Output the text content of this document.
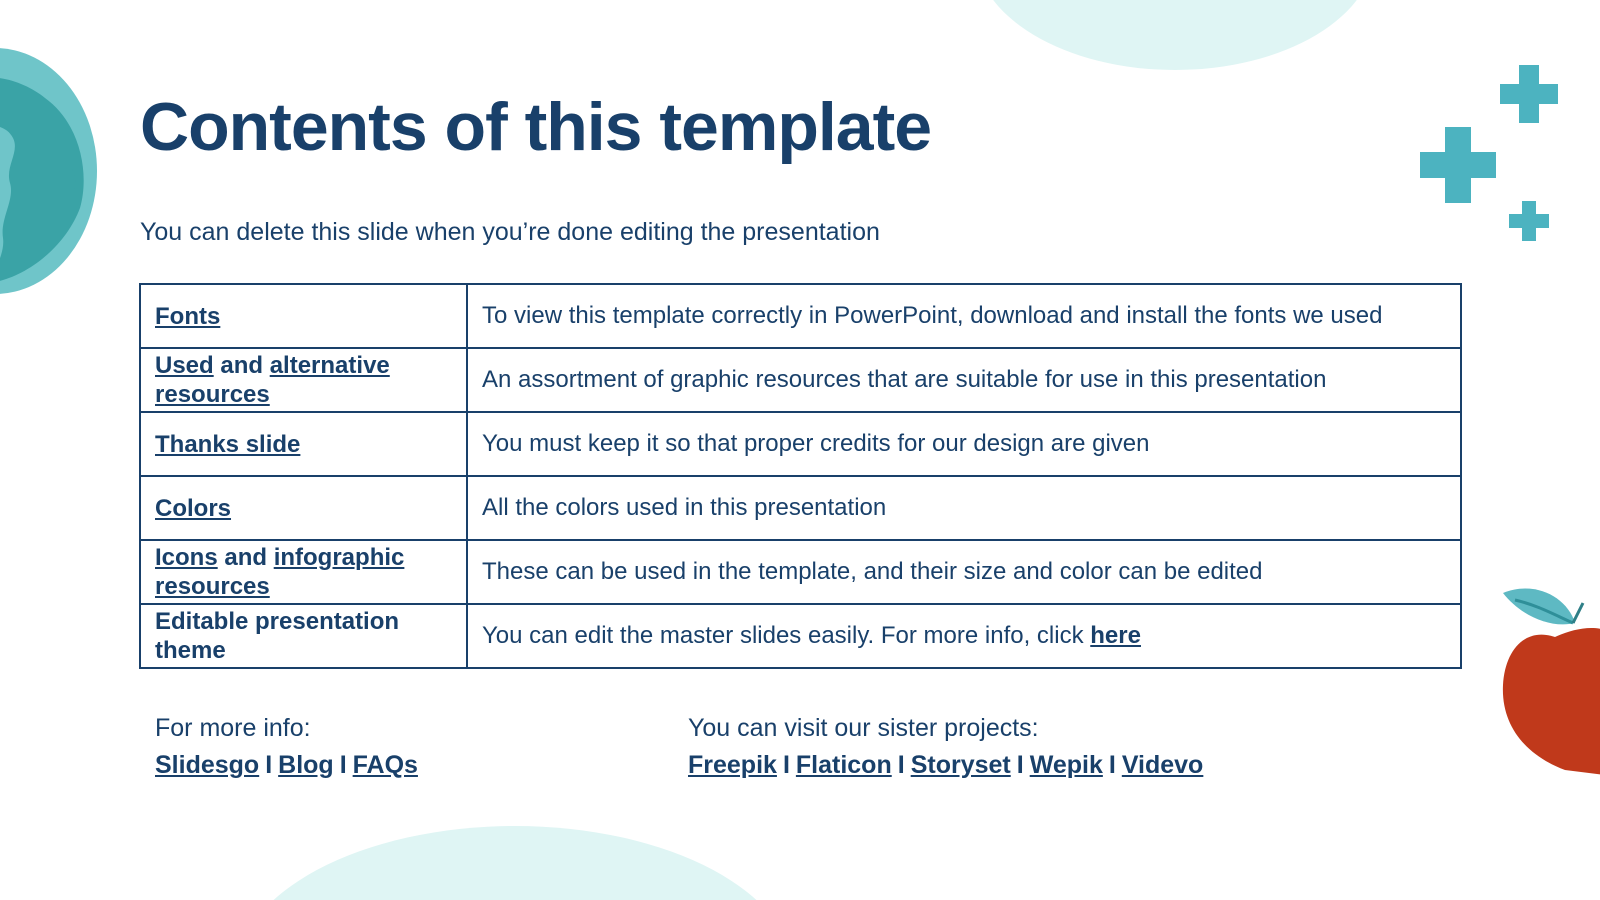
Contents of this template

You can delete this slide when you’re done editing the presentation

Fonts	To view this template correctly in PowerPoint, download and install the fonts we used
Used and alternative resources	An assortment of graphic resources that are suitable for use in this presentation
Thanks slide	You must keep it so that proper credits for our design are given
Colors	All the colors used in this presentation
Icons and infographic resources	These can be used in the template, and their size and color can be edited
Editable presentation theme	You can edit the master slides easily. For more info, click here

For more info:

Slidesgo I Blog I FAQs

You can visit our sister projects:

Freepik I Flaticon I Storyset I Wepik I Videvo
